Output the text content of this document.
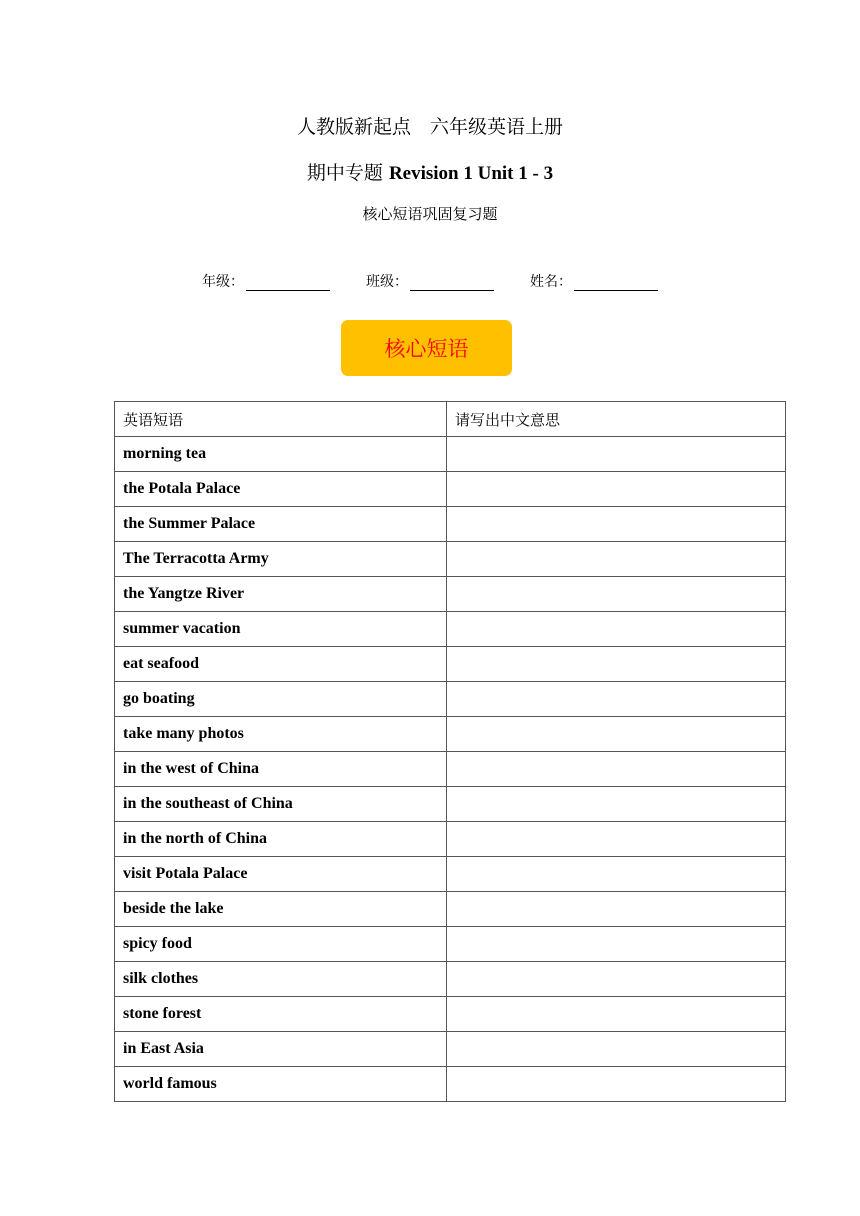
人教版新起点　六年级英语上册
期中专题 Revision 1 Unit 1 - 3
核心短语巩固复习题
年级：	班级：	姓名：
核心短语
英语短语	请写出中文意思
morning tea	
the Potala Palace	
the Summer Palace	
The Terracotta Army	
the Yangtze River	
summer vacation	
eat seafood	
go boating	
take many photos	
in the west of China	
in the southeast of China	
in the north of China	
visit Potala Palace	
beside the lake	
spicy food	
silk clothes	
stone forest	
in East Asia	
world famous	
